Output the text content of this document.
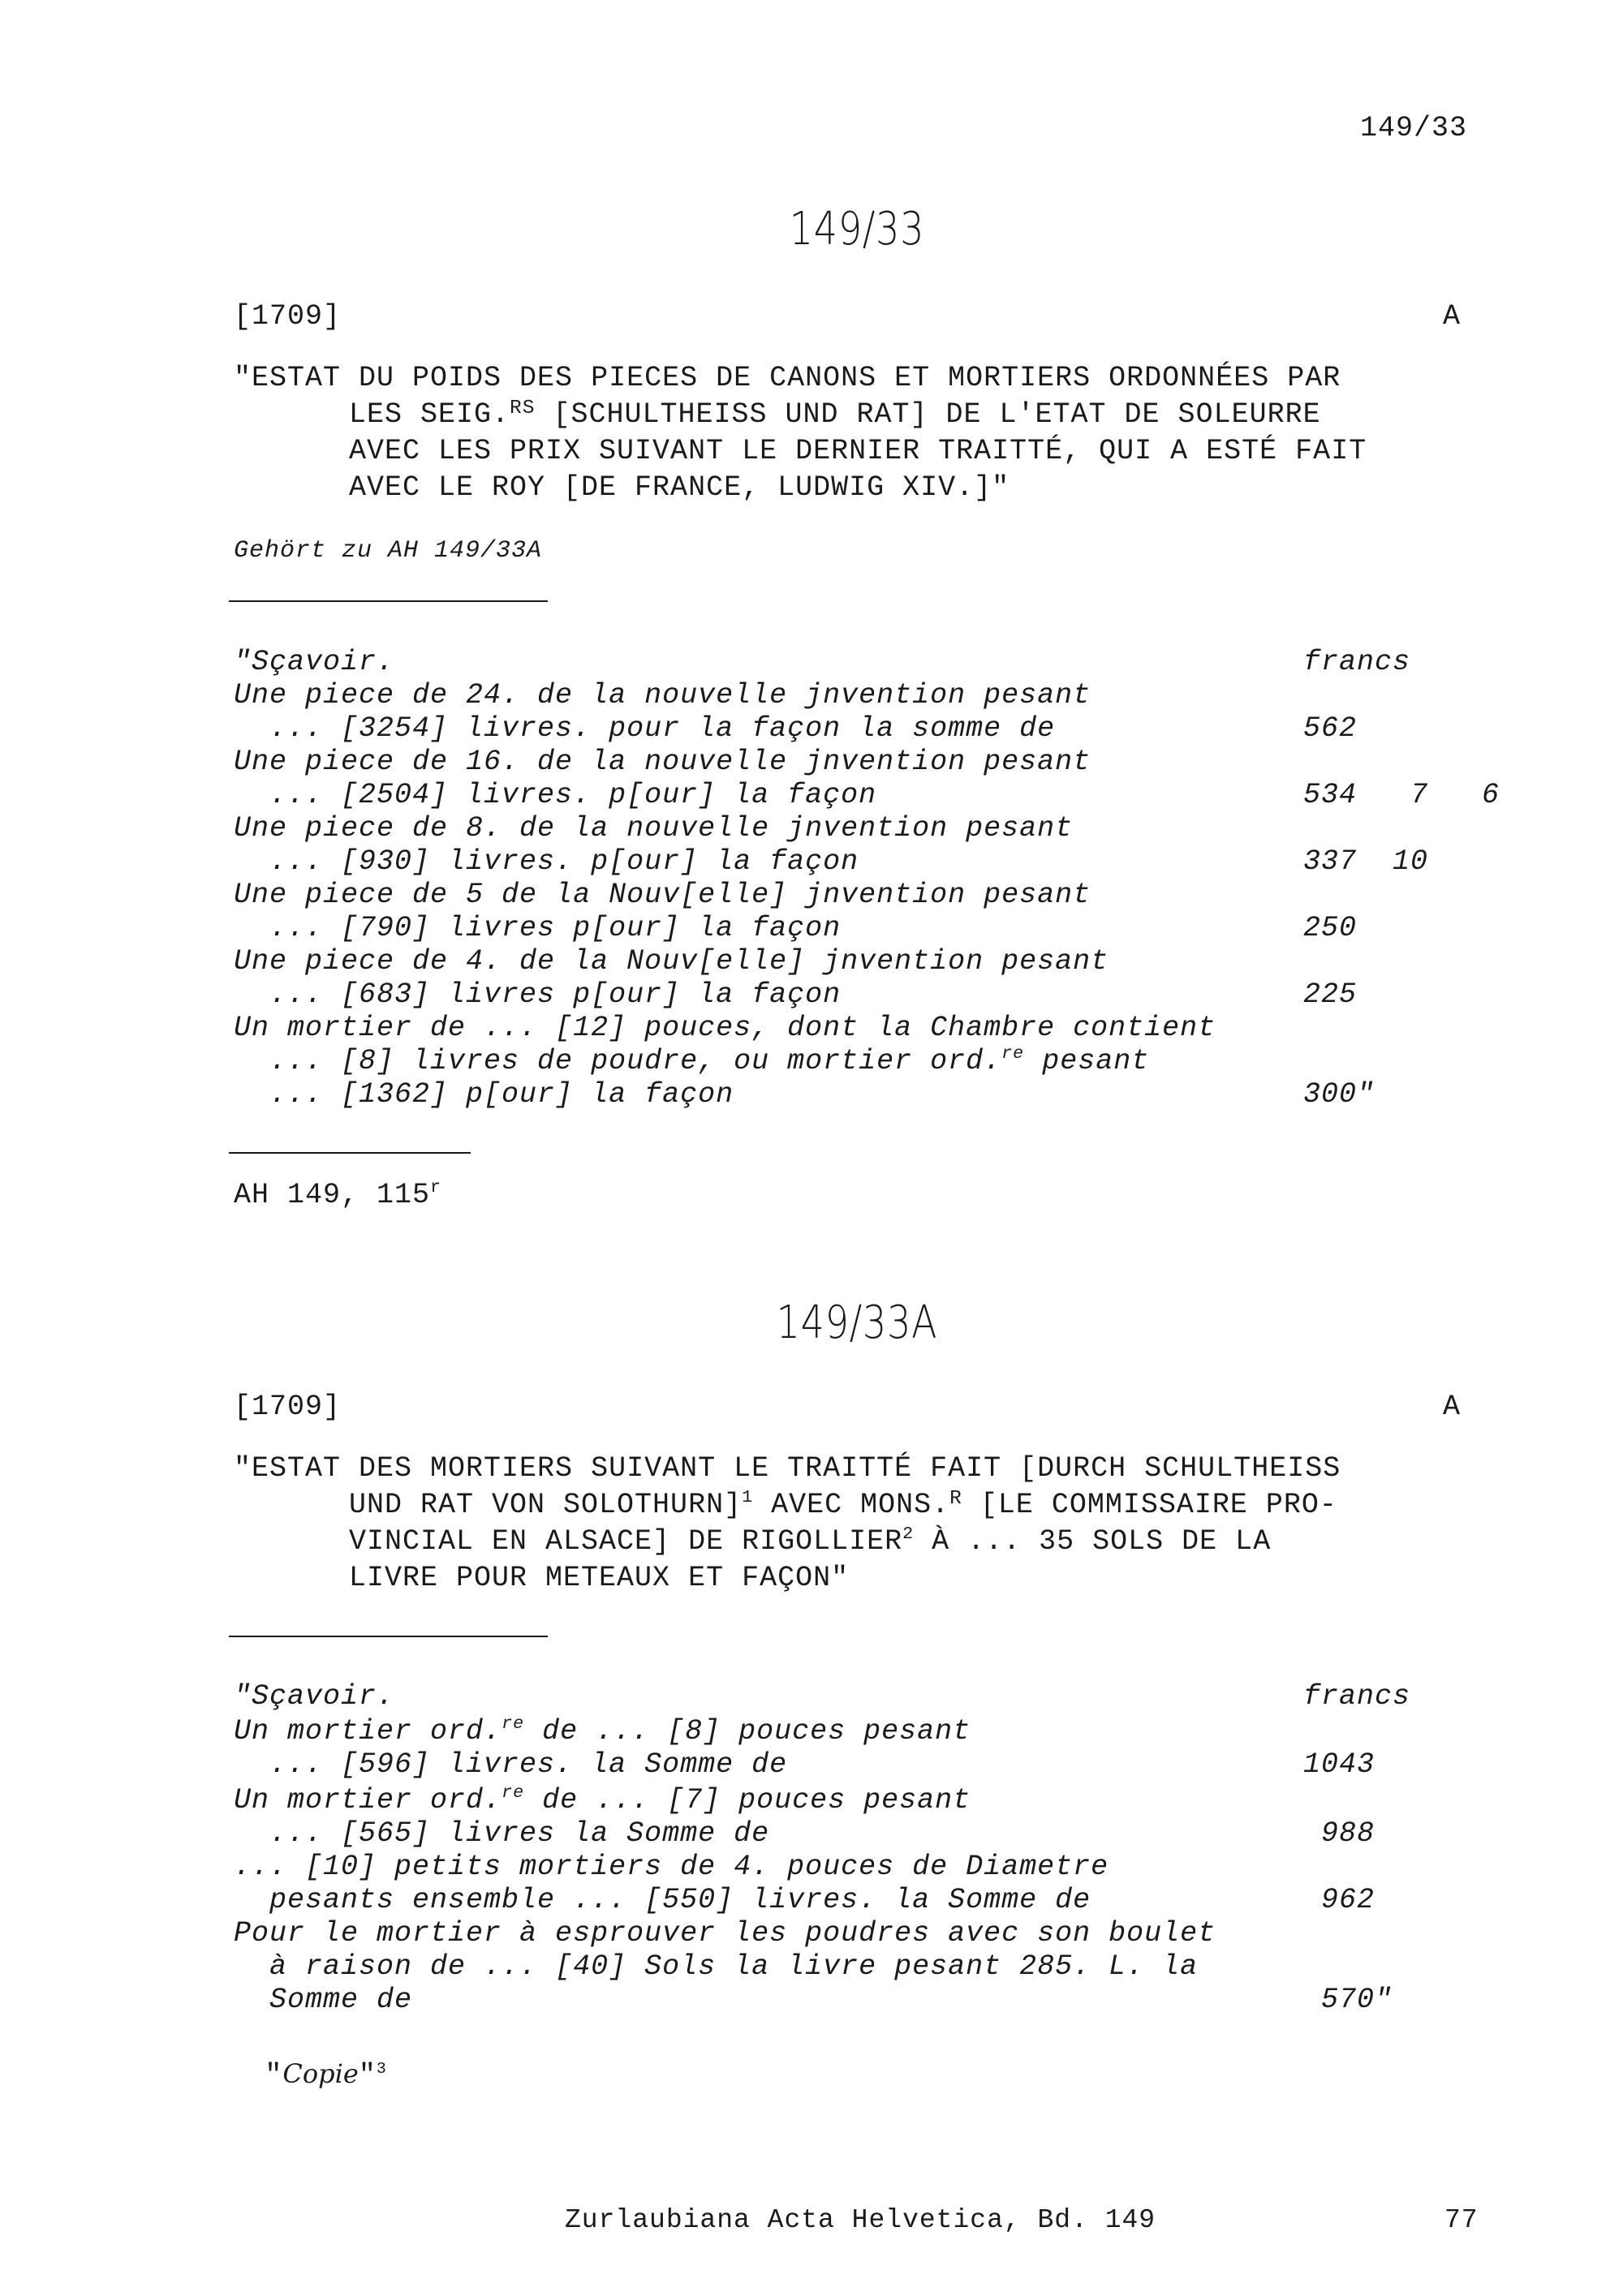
149/33
149/33
[1709]	A
"ESTAT DU POIDS DES PIECES DE CANONS ET MORTIERS ORDONNÉES PAR
LES SEIG.$^{RS}$ [SCHULTHEISS UND RAT] DE L'ETAT DE SOLEURRE
AVEC LES PRIX SUIVANT LE DERNIER TRAITTÉ, QUI A ESTÉ FAIT
AVEC LE ROY [DE FRANCE, LUDWIG XIV.]"
Gehört zu AH 149/33A
"Sçavoir.	francs
Une piece de 24. de la nouvelle jnvention pesant
... [3254] livres. pour la façon la somme de	562
Une piece de 16. de la nouvelle jnvention pesant
... [2504] livres. p[our] la façon	534   7   6
Une piece de 8. de la nouvelle jnvention pesant
... [930] livres. p[our] la façon	337  10
Une piece de 5 de la Nouv[elle] jnvention pesant
... [790] livres p[our] la façon	250
Une piece de 4. de la Nouv[elle] jnvention pesant
... [683] livres p[our] la façon	225
Un mortier de ... [12] pouces, dont la Chambre contient
... [8] livres de poudre, ou mortier ord.$^{re}$ pesant
... [1362] p[our] la façon	300"
AH 149, 115$^r$
149/33A
[1709]	A
"ESTAT DES MORTIERS SUIVANT LE TRAITTÉ FAIT [DURCH SCHULTHEISS
UND RAT VON SOLOTHURN]$^1$ AVEC MONS.$^R$ [LE COMMISSAIRE PRO-
VINCIAL EN ALSACE] DE RIGOLLIER$^2$ À ... 35 SOLS DE LA
LIVRE POUR METEAUX ET FAÇON"
"Sçavoir.	francs
Un mortier ord.$^{re}$ de ... [8] pouces pesant
... [596] livres. la Somme de	1043
Un mortier ord.$^{re}$ de ... [7] pouces pesant
... [565] livres la Somme de	988
... [10] petits mortiers de 4. pouces de Diametre
pesants ensemble ... [550] livres. la Somme de	962
Pour le mortier à esprouver les poudres avec son boulet
à raison de ... [40] Sols la livre pesant 285. L. la
Somme de	570"

"Copie"$^3$

Zurlaubiana Acta Helvetica, Bd. 149	77
